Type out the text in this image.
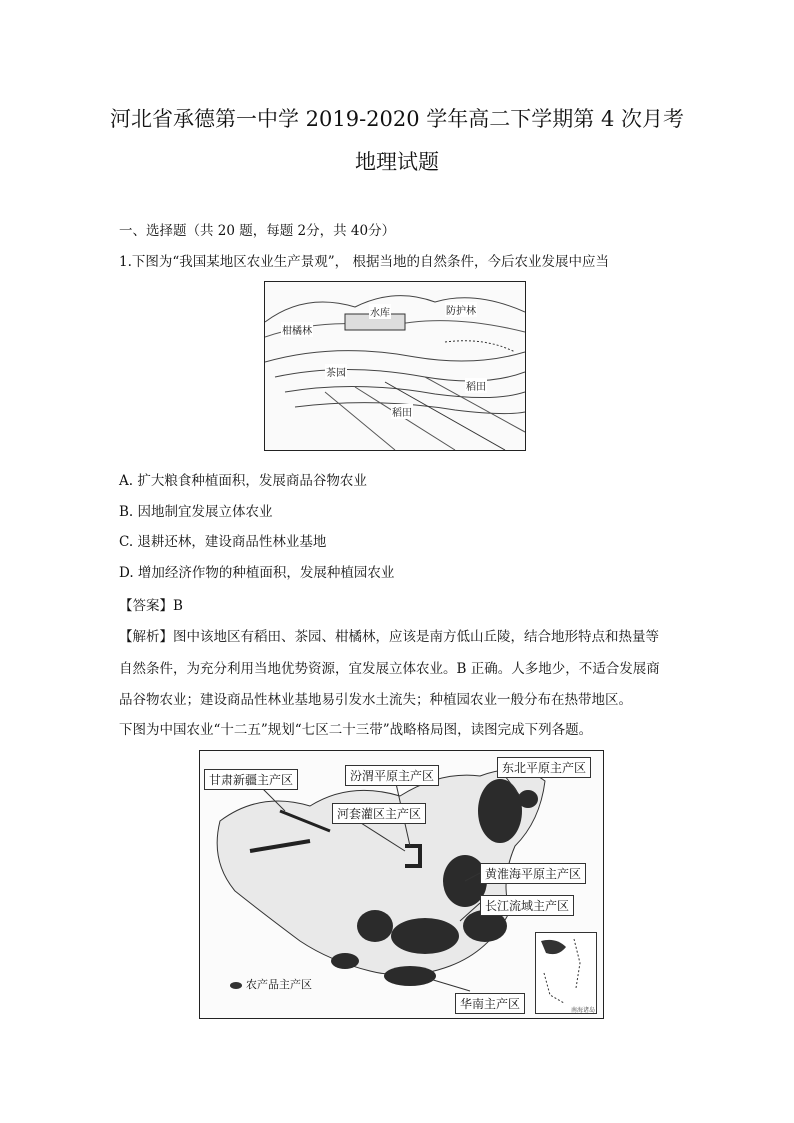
河北省承德第一中学 2019-2020 学年高二下学期第 4 次月考
地理试题
一、选择题（共 20 题，每题 2分，共 40分）
1.下图为“我国某地区农业生产景观”， 根据当地的自然条件，今后农业发展中应当
水库	防护林
柑橘林
茶园
稻田
稻田
A. 扩大粮食种植面积，发展商品谷物农业
B. 因地制宜发展立体农业
C. 退耕还林，建设商品性林业基地
D. 增加经济作物的种植面积，发展种植园农业
【答案】B
【解析】图中该地区有稻田、茶园、柑橘林，应该是南方低山丘陵，结合地形特点和热量等
自然条件，为充分利用当地优势资源，宜发展立体农业。B 正确。人多地少，不适合发展商
品谷物农业；建设商品性林业基地易引发水土流失；种植园农业一般分布在热带地区。
下图为中国农业“十二五”规划“七区二十三带”战略格局图，读图完成下列各题。
甘肃新疆主产区	汾渭平原主产区
东北平原主产区
河套灌区主产区
黄淮海平原主产区
长江流域主产区
华南主产区
农产品主产区
南海诸岛
